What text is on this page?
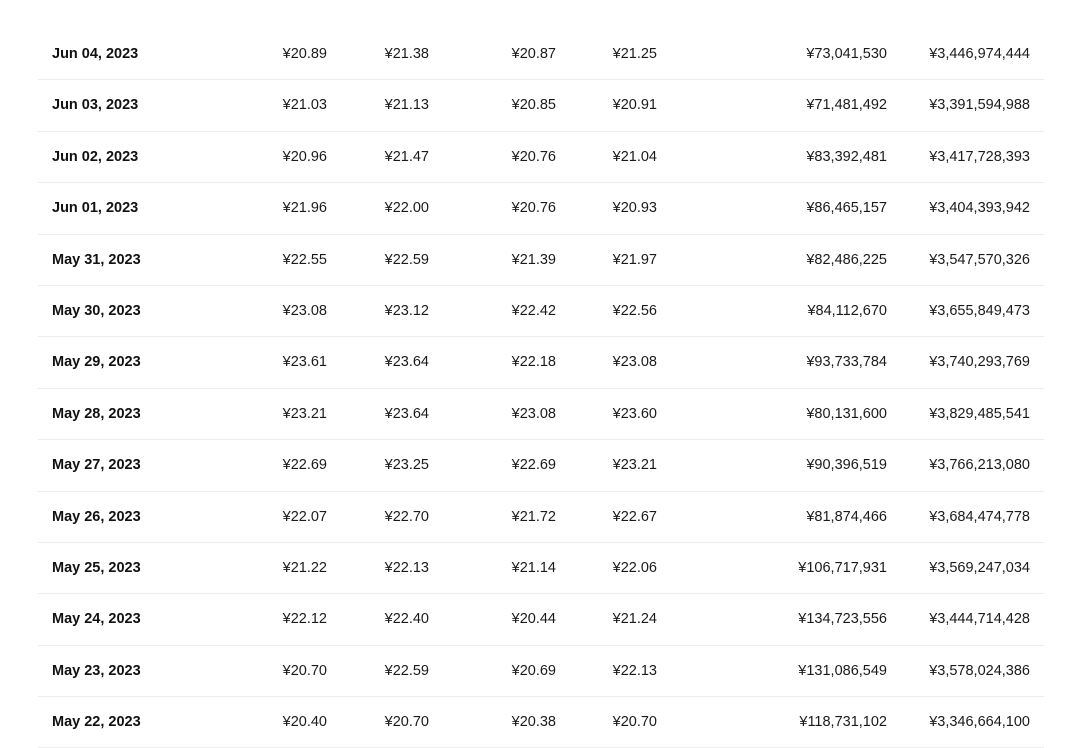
Jun 04, 2023	¥20.89	¥21.38	¥20.87	¥21.25	¥73,041,530	¥3,446,974,444
Jun 03, 2023	¥21.03	¥21.13	¥20.85	¥20.91	¥71,481,492	¥3,391,594,988
Jun 02, 2023	¥20.96	¥21.47	¥20.76	¥21.04	¥83,392,481	¥3,417,728,393
Jun 01, 2023	¥21.96	¥22.00	¥20.76	¥20.93	¥86,465,157	¥3,404,393,942
May 31, 2023	¥22.55	¥22.59	¥21.39	¥21.97	¥82,486,225	¥3,547,570,326
May 30, 2023	¥23.08	¥23.12	¥22.42	¥22.56	¥84,112,670	¥3,655,849,473
May 29, 2023	¥23.61	¥23.64	¥22.18	¥23.08	¥93,733,784	¥3,740,293,769
May 28, 2023	¥23.21	¥23.64	¥23.08	¥23.60	¥80,131,600	¥3,829,485,541
May 27, 2023	¥22.69	¥23.25	¥22.69	¥23.21	¥90,396,519	¥3,766,213,080
May 26, 2023	¥22.07	¥22.70	¥21.72	¥22.67	¥81,874,466	¥3,684,474,778
May 25, 2023	¥21.22	¥22.13	¥21.14	¥22.06	¥106,717,931	¥3,569,247,034
May 24, 2023	¥22.12	¥22.40	¥20.44	¥21.24	¥134,723,556	¥3,444,714,428
May 23, 2023	¥20.70	¥22.59	¥20.69	¥22.13	¥131,086,549	¥3,578,024,386
May 22, 2023	¥20.40	¥20.70	¥20.38	¥20.70	¥118,731,102	¥3,346,664,100
